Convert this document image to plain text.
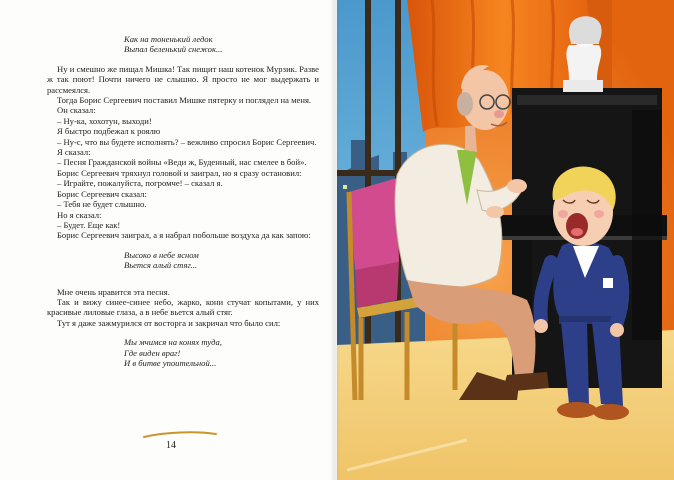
Как на тоненький ледок
Выпал беленький снежок...

Ну и смешно же пищал Мишка! Так пищит наш котенок Мурзик. Разве ж так поют! Почти ничего не слышно. Я просто не мог выдержать и рассмеялся.

Тогда Борис Сергеевич поставил Мишке пятерку и поглядел на меня.

Он сказал:

– Ну-ка, хохотун, выходи!

Я быстро подбежал к роялю

– Ну-с, что вы будете исполнять? – вежливо спросил Борис Сергеевич.

Я сказал:

– Песня Гражданской войны «Веди ж, Буденный, нас смелее в бой».

Борис Сергеевич тряхнул головой и заиграл, но я сразу остановил:

– Играйте, пожалуйста, погромче! – сказал я.

Борис Сергеевич сказал:

– Тебя не будет слышно.

Но я сказал:

– Будет. Еще как!

Борис Сергеевич заиграл, а я набрал побольше воздуха да как запою:

Высоко в небе ясном
Вьется алый стяг...

Мне очень нравится эта песня.

Так и вижу синее-синее небо, жарко, кони стучат копытами, у них красивые лиловые глаза, а в небе вьется алый стяг.

Тут я даже зажмурился от восторга и закричал что было сил:

Мы мчимся на конях туда,
Где виден враг!
И в битве упоительной...
14
